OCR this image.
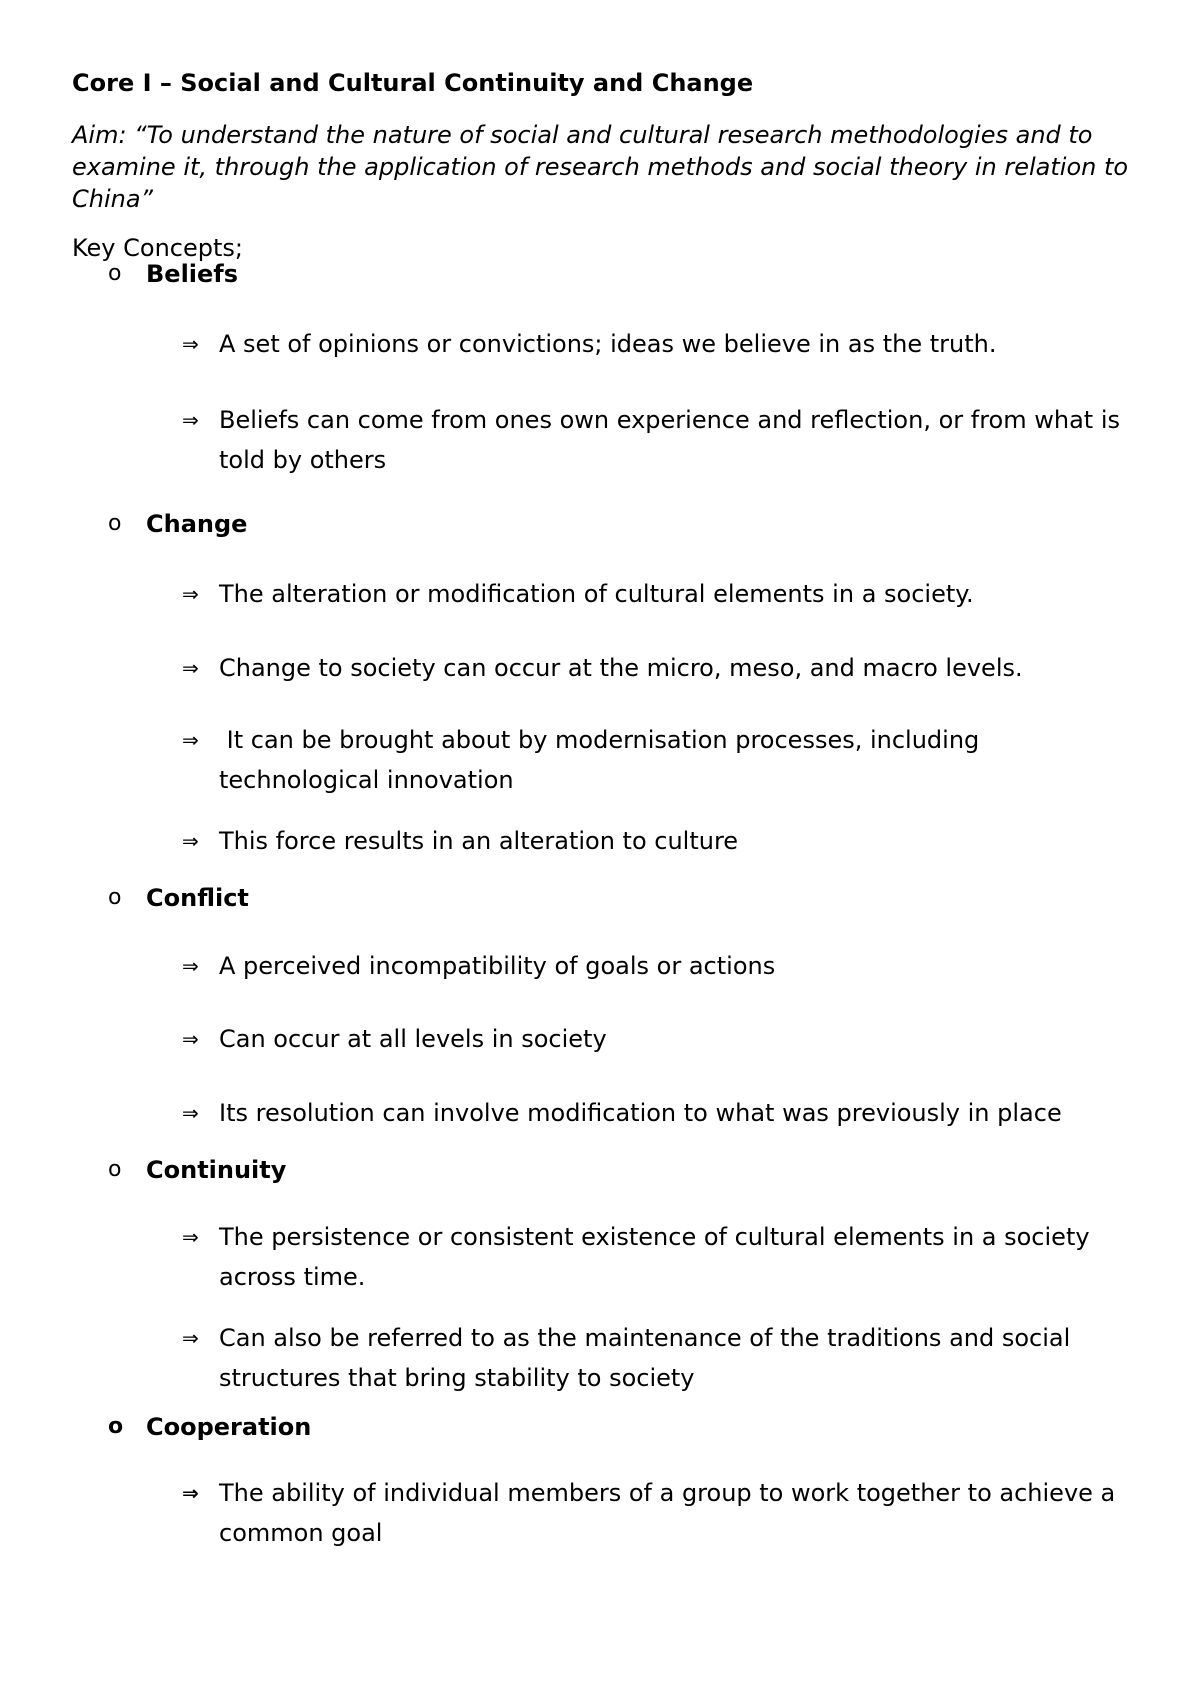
Core I – Social and Cultural Continuity and Change
Aim: “To understand the nature of social and cultural research methodologies and to examine it, through the application of research methods and social theory in relation to China”
Key Concepts;
o Beliefs
⇒ A set of opinions or convictions; ideas we believe in as the truth.
⇒ Beliefs can come from ones own experience and reflection, or from what is told by others
o Change
⇒ The alteration or modification of cultural elements in a society.
⇒ Change to society can occur at the micro, meso, and macro levels.
⇒ It can be brought about by modernisation processes, including technological innovation
⇒ This force results in an alteration to culture
o Conflict
⇒ A perceived incompatibility of goals or actions
⇒ Can occur at all levels in society
⇒ Its resolution can involve modification to what was previously in place
o Continuity
⇒ The persistence or consistent existence of cultural elements in a society across time.
⇒ Can also be referred to as the maintenance of the traditions and social structures that bring stability to society
o Cooperation
⇒ The ability of individual members of a group to work together to achieve a common goal
